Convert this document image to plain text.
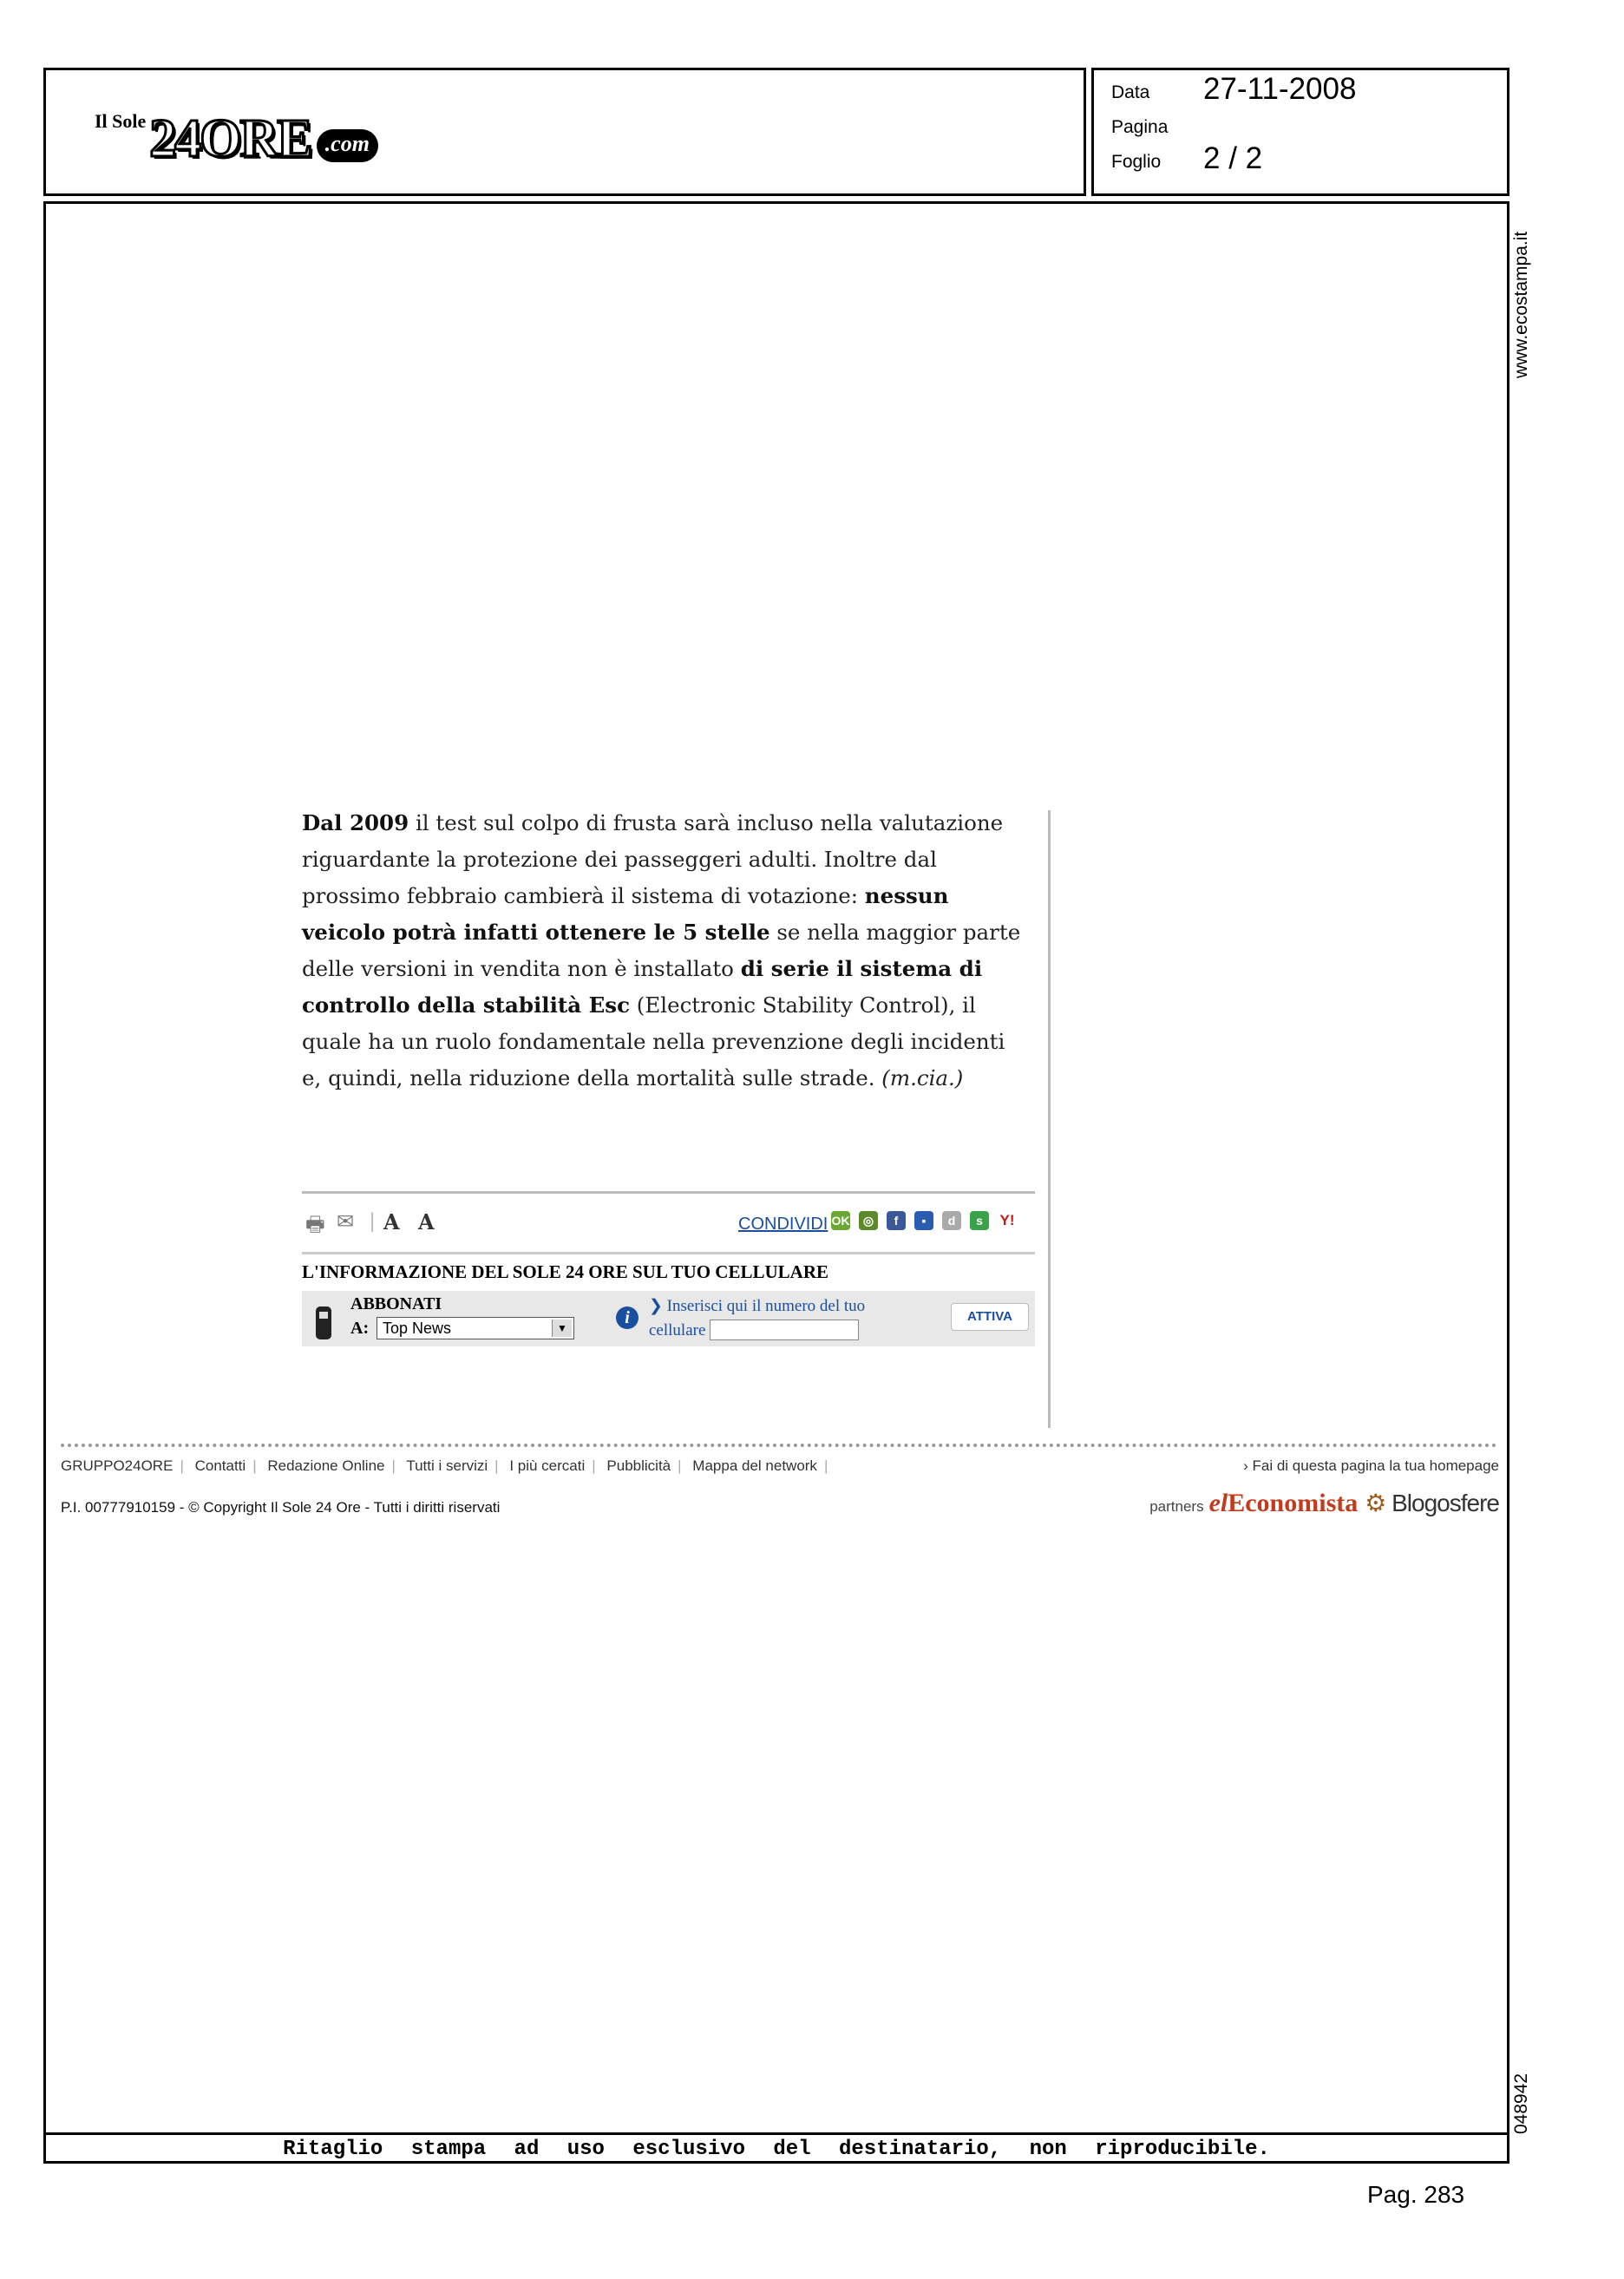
Il Sole 24ORE .com
Data 27-11-2008
Pagina
Foglio 2 / 2
www.ecostampa.it
048942
Dal 2009 il test sul colpo di frusta sarà incluso nella valutazione riguardante la protezione dei passeggeri adulti. Inoltre dal prossimo febbraio cambierà il sistema di votazione: nessun veicolo potrà infatti ottenere le 5 stelle se nella maggior parte delle versioni in vendita non è installato di serie il sistema di controllo della stabilità Esc (Electronic Stability Control), il quale ha un ruolo fondamentale nella prevenzione degli incidenti e, quindi, nella riduzione della mortalità sulle strade. (m.cia.)
🖶 ✉ | A A	CONDIVIDI OK	◎	f	▪	d	s	Y!
L'INFORMAZIONE DEL SOLE 24 ORE SUL TUO CELLULARE
ABBONATI
A: Top News	▼
i
❯ Inserisci qui il numero del tuo
cellulare
ATTIVA
GRUPPO24ORE | Contatti | Redazione Online | Tutti i servizi | I più cercati | Pubblicità | Mappa del network |	› Fai di questa pagina la tua homepage
P.I. 00777910159 - © Copyright Il Sole 24 Ore - Tutti i diritti riservati	partners elEconomista ⚙ Blogosfere
Ritaglio stampa ad uso esclusivo del destinatario, non riproducibile.
Pag. 283
